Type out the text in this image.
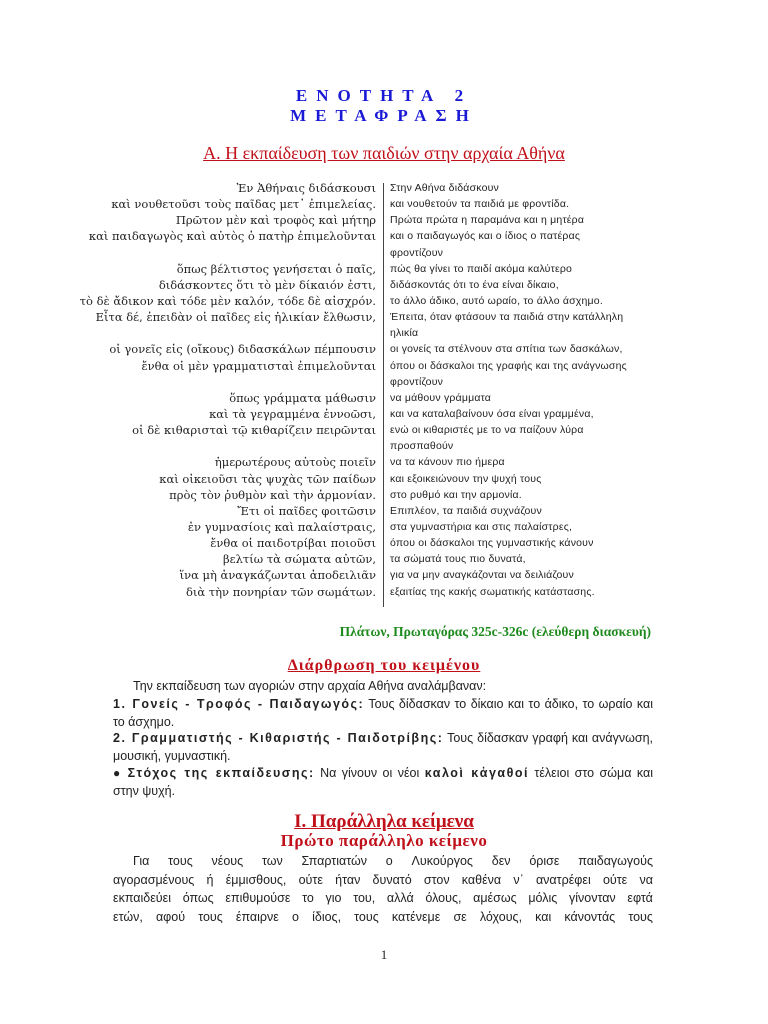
ΕΝΟΤΗΤΑ 2
ΜΕΤΑΦΡΑΣΗ
Α. Η εκπαίδευση των παιδιών στην αρχαία Αθήνα
Ἐν Ἀθήναις διδάσκουσι
καὶ νουθετοῦσι τοὺς παῖδας μετ᾽ ἐπιμελείας.
Πρῶτον μὲν καὶ τροφὸς καὶ μήτηρ
καὶ παιδαγωγὸς καὶ αὐτὸς ὁ πατὴρ ἐπιμελοῦνται
ὅπως βέλτιστος γενήσεται ὁ παῖς,
διδάσκοντες ὅτι τὸ μὲν δίκαιόν ἐστι,
τὸ δὲ ἄδικον καὶ τόδε μὲν καλόν, τόδε δὲ αἰσχρόν.
Εἶτα δέ, ἐπειδὰν οἱ παῖδες εἰς ἡλικίαν ἔλθωσιν,
οἱ γονεῖς εἰς (οἴκους) διδασκάλων πέμπουσιν
ἔνθα οἱ μὲν γραμματισταὶ ἐπιμελοῦνται
ὅπως γράμματα μάθωσιν
καὶ τὰ γεγραμμένα ἐννοῶσι,
οἱ δὲ κιθαρισταὶ τῷ κιθαρίζειν πειρῶνται
ἡμερωτέρους αὐτοὺς ποιεῖν
καὶ οἰκειοῦσι τὰς ψυχὰς τῶν παίδων
πρὸς τὸν ῥυθμὸν καὶ τὴν ἁρμονίαν.
Ἔτι οἱ παῖδες φοιτῶσιν
ἐν γυμνασίοις καὶ παλαίστραις,
ἔνθα οἱ παιδοτρίβαι ποιοῦσι
βελτίω τὰ σώματα αὐτῶν,
ἵνα μὴ ἀναγκάζωνται ἀποδειλιᾶν
διὰ τὴν πονηρίαν τῶν σωμάτων.
Στην Αθήνα διδάσκουν
και νουθετούν τα παιδιά με φροντίδα.
Πρώτα πρώτα η παραμάνα και η μητέρα
και ο παιδαγωγός και ο ίδιος ο πατέρας
φροντίζουν
πώς θα γίνει το παιδί ακόμα καλύτερο
διδάσκοντάς ότι το ένα είναι δίκαιο,
το άλλο άδικο, αυτό ωραίο, το άλλο άσχημο.
Έπειτα, όταν φτάσουν τα παιδιά στην κατάλληλη
ηλικία
οι γονείς τα στέλνουν στα σπίτια των δασκάλων,
όπου οι δάσκαλοι της γραφής και της ανάγνωσης
φροντίζουν
να μάθουν γράμματα
και να καταλαβαίνουν όσα είναι γραμμένα,
ενώ οι κιθαριστές με το να παίζουν λύρα
προσπαθούν
να τα κάνουν πιο ήμερα
και εξοικειώνουν την ψυχή τους
στο ρυθμό και την αρμονία.
Επιπλέον, τα παιδιά συχνάζουν
στα γυμναστήρια και στις παλαίστρες,
όπου οι δάσκαλοι της γυμναστικής κάνουν
τα σώματά τους πιο δυνατά,
για να μην αναγκάζονται να δειλιάζουν
εξαιτίας της κακής σωματικής κατάστασης.
Πλάτων, Πρωταγόρας 325c-326c (ελεύθερη διασκευή)
Διάρθρωση του κειμένου
Την εκπαίδευση των αγοριών στην αρχαία Αθήνα αναλάμβαναν:
1. Γονείς - Τροφός - Παιδαγωγός: Τους δίδασκαν το δίκαιο και το άδικο, το ωραίο και το άσχημο.
2. Γραμματιστής - Κιθαριστής - Παιδοτρίβης: Τους δίδασκαν γραφή και ανάγνωση, μουσική, γυμναστική.
● Στόχος της εκπαίδευσης: Να γίνουν οι νέοι καλοὶ κἀγαθοί τέλειοι στο σώμα και στην ψυχή.
Ι. Παράλληλα κείμενα
Πρώτο παράλληλο κείμενο
Για τους νέους των Σπαρτιατών ο Λυκούργος δεν όρισε παιδαγωγούς
αγορασμένους ή έμμισθους, ούτε ήταν δυνατό στον καθένα ν᾽ ανατρέφει ούτε να
εκπαιδεύει όπως επιθυμούσε το γιο του, αλλά όλους, αμέσως μόλις γίνονταν εφτά
ετών, αφού τους έπαιρνε ο ίδιος, τους κατένεμε σε λόχους, και κάνοντάς τους
1
